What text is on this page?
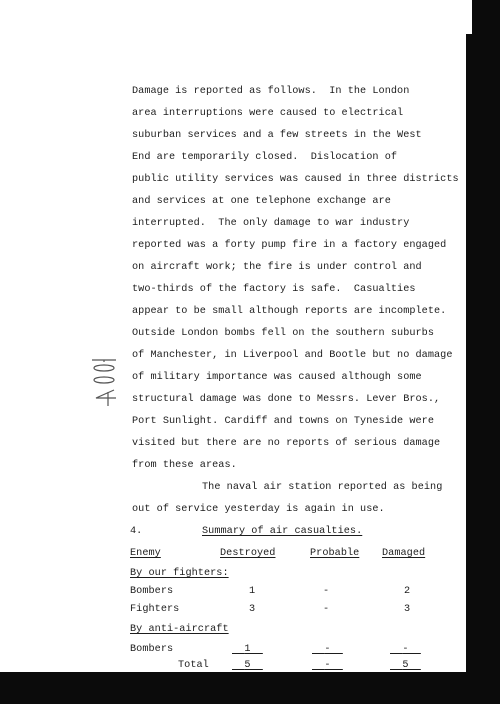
Damage is reported as follows.  In the London
area interruptions were caused to electrical
suburban services and a few streets in the West
End are temporarily closed.  Dislocation of
public utility services was caused in three districts
and services at one telephone exchange are
interrupted.  The only damage to war industry
reported was a forty pump fire in a factory engaged
on aircraft work; the fire is under control and
two-thirds of the factory is safe.  Casualties
appear to be small although reports are incomplete.
Outside London bombs fell on the southern suburbs
of Manchester, in Liverpool and Bootle but no damage
of military importance was caused although some
structural damage was done to Messrs. Lever Bros.,
Port Sunlight. Cardiff and towns on Tyneside were
visited but there are no reports of serious damage
from these areas.
The naval air station reported as being
out of service yesterday is again in use.
4.	Summary of air casualties.
Enemy	Destroyed	Probable Damaged
By our fighters:
Bombers	1	-	2
Fighters	3	-	3
By anti-aircraft
Bombers	1	-	-
Total	5	-	5
